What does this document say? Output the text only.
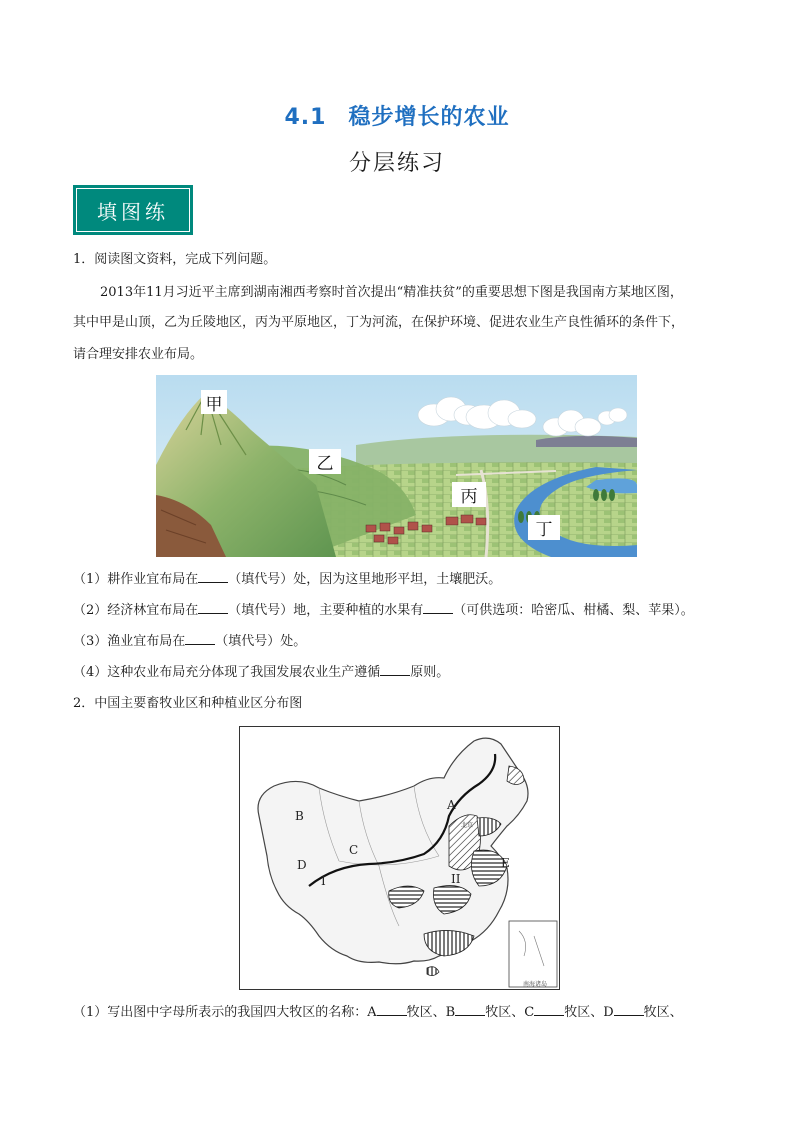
4.1 稳步增长的农业
分层练习
填图练
1．阅读图文资料，完成下列问题。
2013年11月习近平主席到湖南湘西考察时首次提出“精准扶贫”的重要思想下图是我国南方某地区图，
其中甲是山顶，乙为丘陵地区，丙为平原地区，丁为河流，在保护环境、促进农业生产良性循环的条件下，
请合理安排农业布局。
甲
乙
丙
丁
（1）耕作业宜布局在 （填代号）处，因为这里地形平坦，土壤肥沃。
（2）经济林宜布局在 （填代号）地，主要种植的水果有 （可供选项：哈密瓜、柑橘、梨、苹果）。
（3）渔业宜布局在 （填代号）处。
（4）这种农业布局充分体现了我国发展农业生产遵循 原则。
2．中国主要畜牧业区和种植业区分布图
A
B
C
D	E
I	II
北京
南海诸岛
（1）写出图中字母所表示的我国四大牧区的名称：A 牧区、B 牧区、C 牧区、D 牧区、
